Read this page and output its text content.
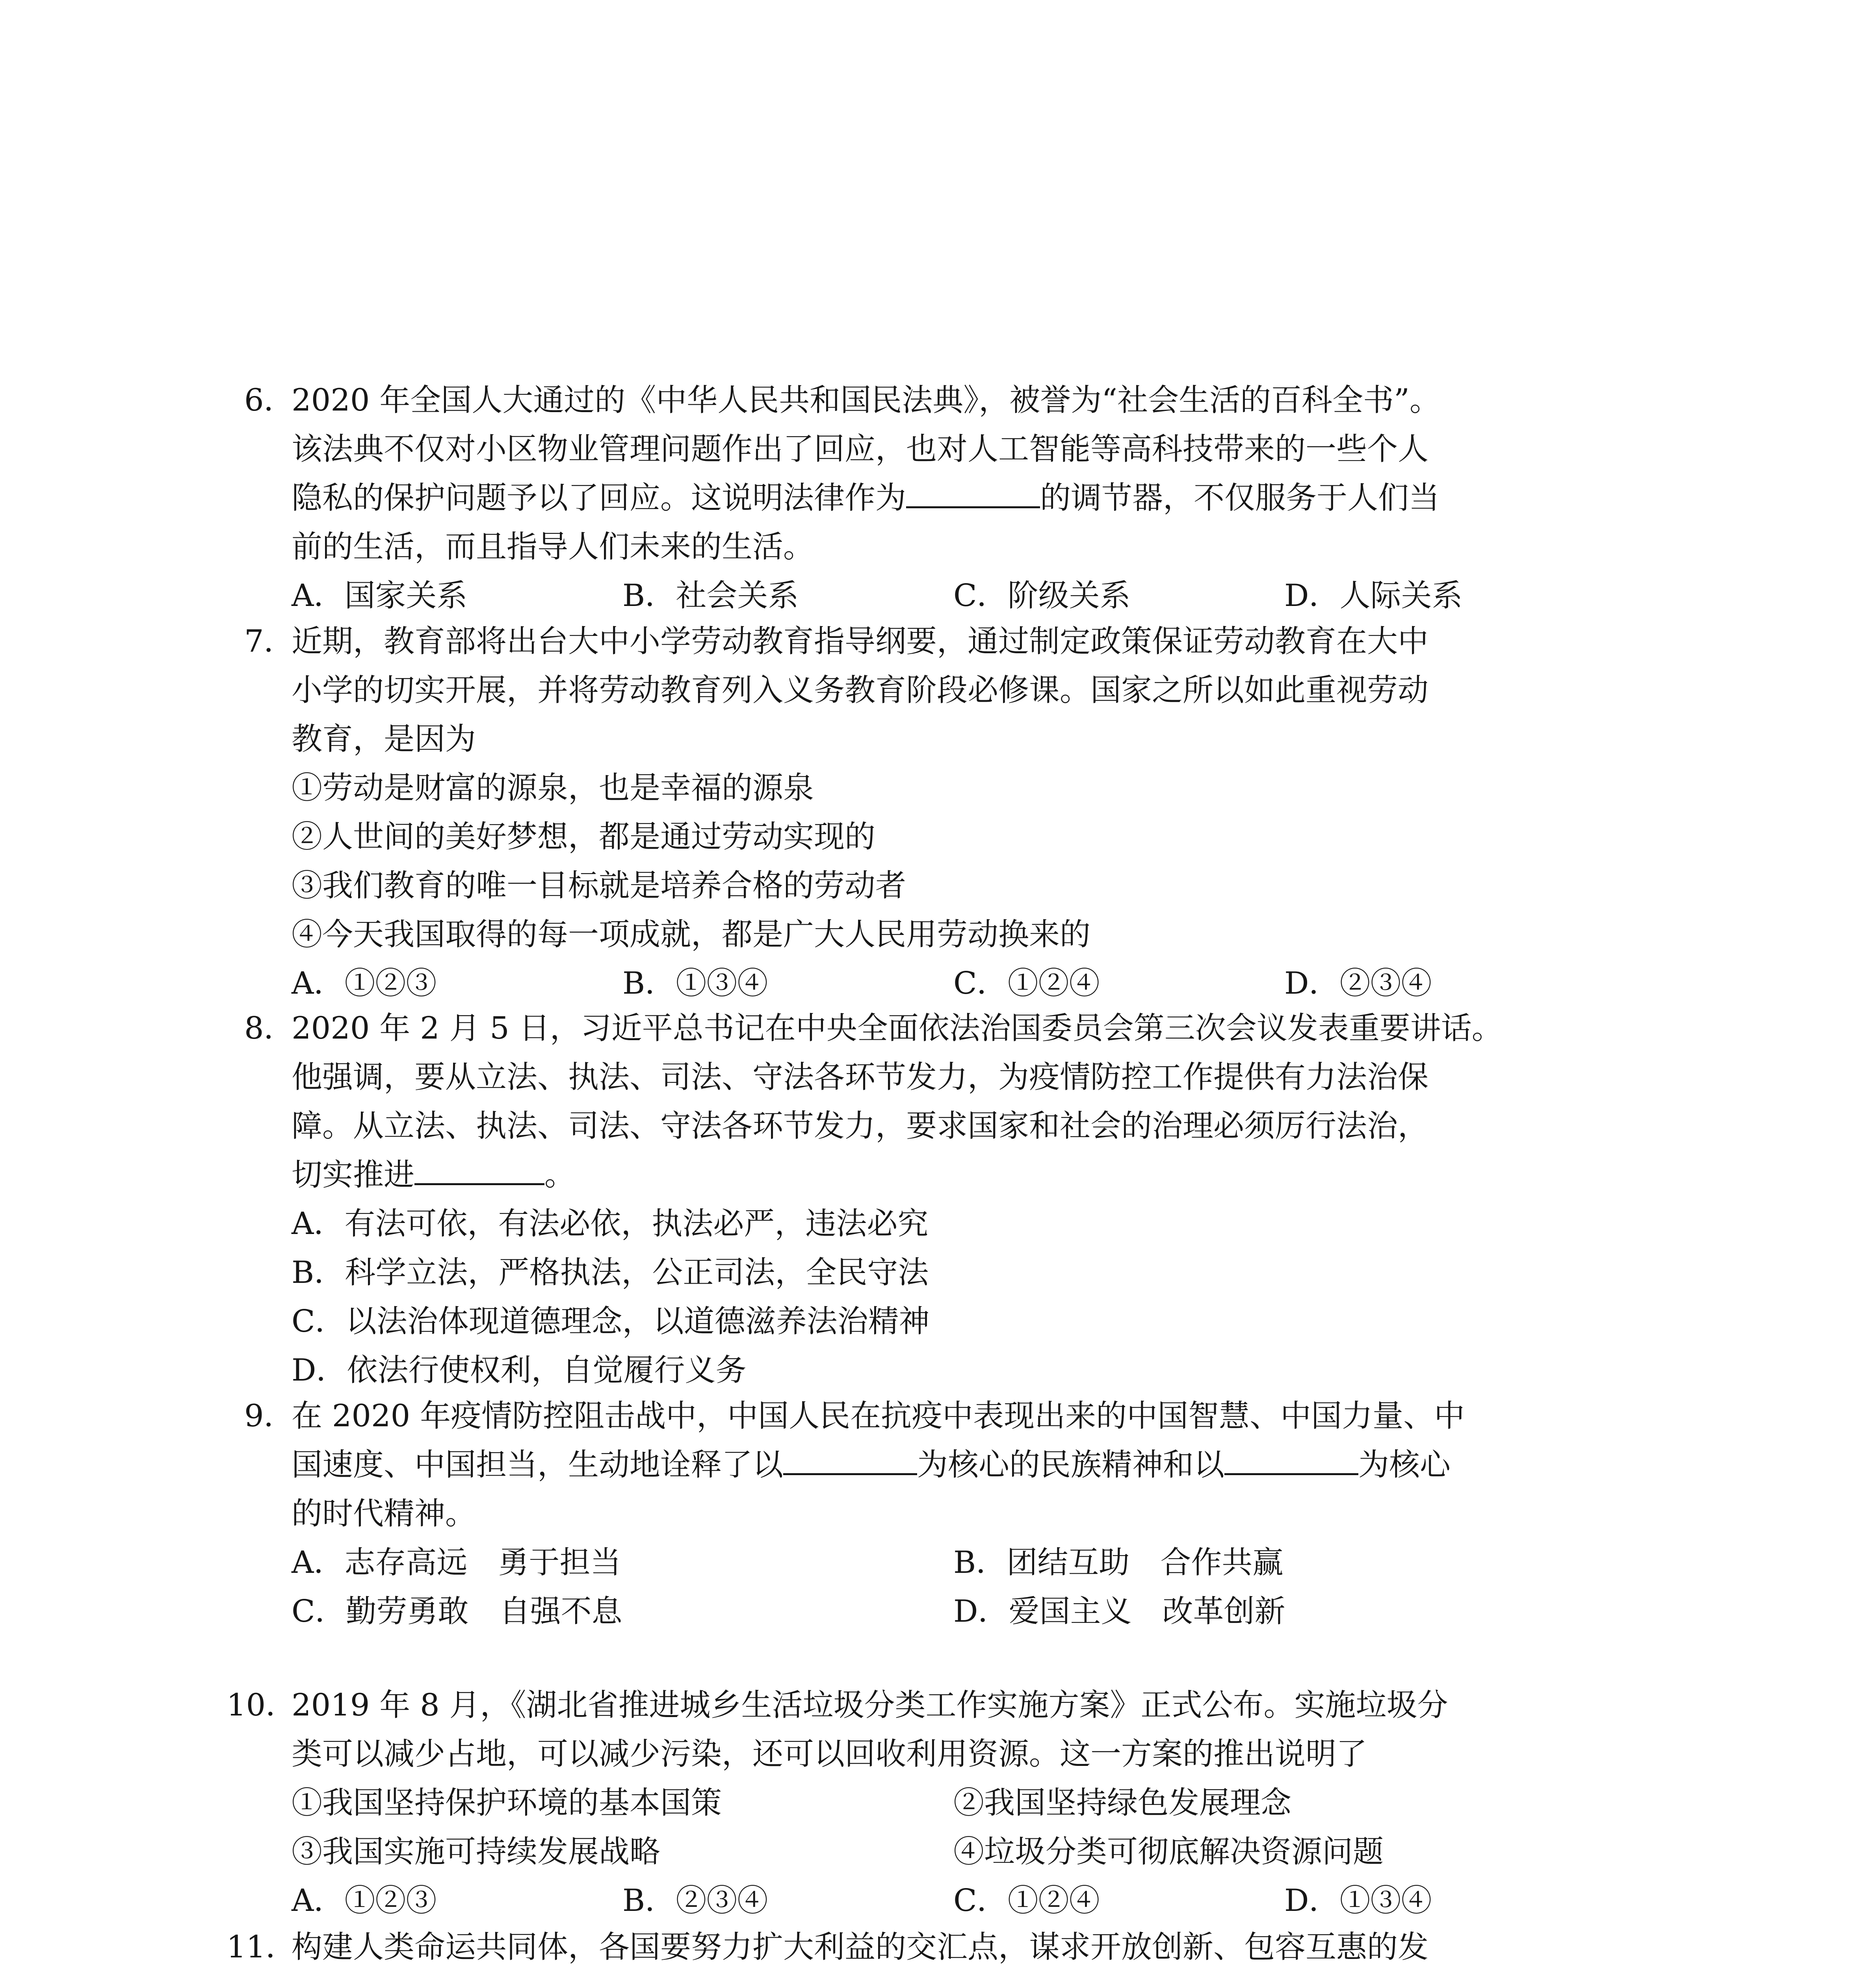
6．
2020 年全国人大通过的《中华人民共和国民法典》，被誉为“社会生活的百科全书”。
该法典不仅对小区物业管理问题作出了回应，也对人工智能等高科技带来的一些个人
隐私的保护问题予以了回应。这说明法律作为	的调节器，不仅服务于人们当
前的生活，而且指导人们未来的生活。
A．国家关系	B．社会关系	C．阶级关系	D．人际关系
7．
近期，教育部将出台大中小学劳动教育指导纲要，通过制定政策保证劳动教育在大中
小学的切实开展，并将劳动教育列入义务教育阶段必修课。国家之所以如此重视劳动
教育，是因为
①劳动是财富的源泉，也是幸福的源泉
②人世间的美好梦想，都是通过劳动实现的
③我们教育的唯一目标就是培养合格的劳动者
④今天我国取得的每一项成就，都是广大人民用劳动换来的
A．①②③	B．①③④	C．①②④	D．②③④
8．
2020 年 2 月 5 日，习近平总书记在中央全面依法治国委员会第三次会议发表重要讲话。
他强调，要从立法、执法、司法、守法各环节发力，为疫情防控工作提供有力法治保
障。从立法、执法、司法、守法各环节发力，要求国家和社会的治理必须厉行法治，
切实推进	。
A．有法可依，有法必依，执法必严，违法必究
B．科学立法，严格执法，公正司法，全民守法
C．以法治体现道德理念，以道德滋养法治精神
D．依法行使权利，自觉履行义务
9．
在 2020 年疫情防控阻击战中，中国人民在抗疫中表现出来的中国智慧、中国力量、中
国速度、中国担当，生动地诠释了以	为核心的民族精神和以	为核心
的时代精神。
A．志存高远　勇于担当	B．团结互助　合作共赢
C．勤劳勇敢　自强不息	D．爱国主义　改革创新
10．
2019 年 8 月，《湖北省推进城乡生活垃圾分类工作实施方案》正式公布。实施垃圾分
类可以减少占地，可以减少污染，还可以回收利用资源。这一方案的推出说明了
①我国坚持保护环境的基本国策	②我国坚持绿色发展理念
③我国实施可持续发展战略	④垃圾分类可彻底解决资源问题
A．①②③	B．②③④	C．①②④	D．①③④
11．
构建人类命运共同体，各国要努力扩大利益的交汇点，谋求开放创新、包容互惠的发
